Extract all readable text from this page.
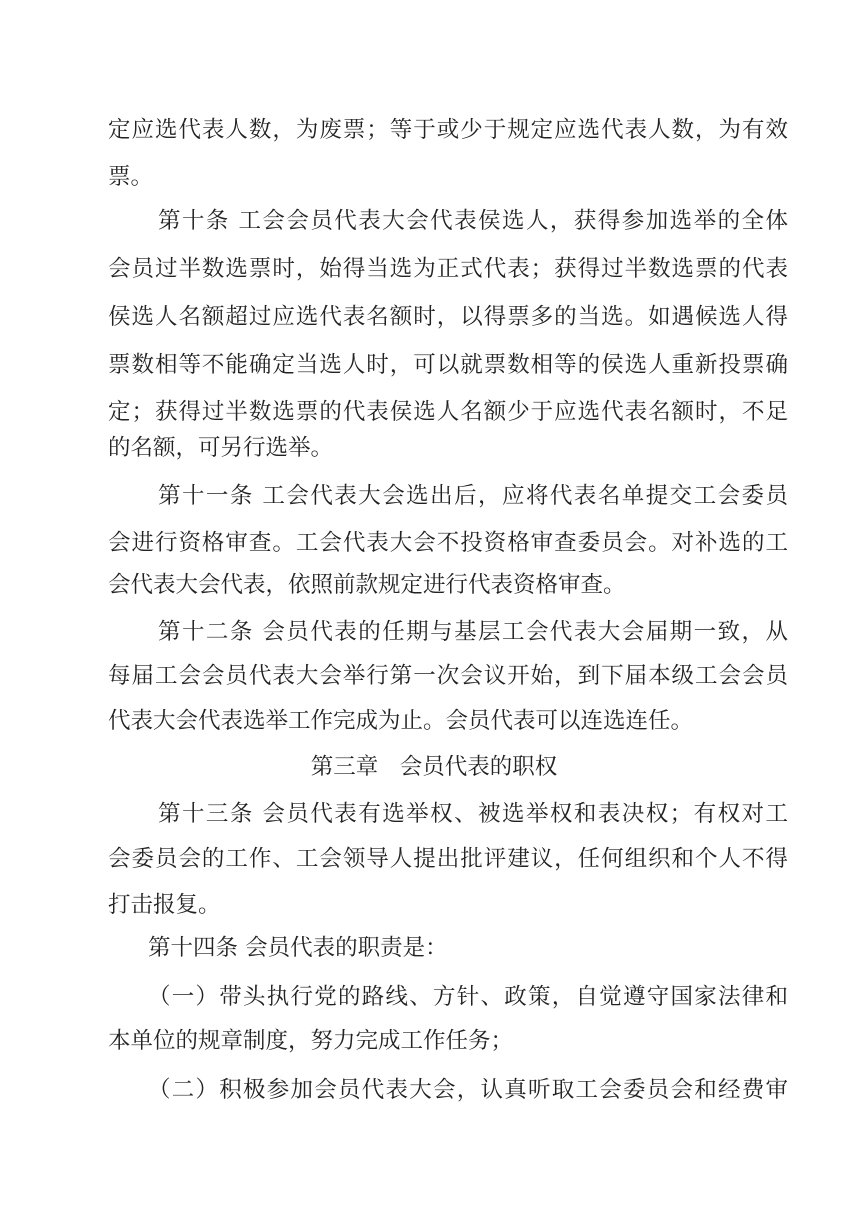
定应选代表人数，为废票；等于或少于规定应选代表人数，为有效
票。
第十条 工会会员代表大会代表侯选人，获得参加选举的全体
会员过半数选票时，始得当选为正式代表；获得过半数选票的代表
侯选人名额超过应选代表名额时，以得票多的当选。如遇候选人得
票数相等不能确定当选人时，可以就票数相等的侯选人重新投票确
定；获得过半数选票的代表侯选人名额少于应选代表名额时，不足
的名额，可另行选举。
第十一条 工会代表大会选出后，应将代表名单提交工会委员
会进行资格审查。工会代表大会不投资格审查委员会。对补选的工
会代表大会代表，依照前款规定进行代表资格审查。
第十二条 会员代表的任期与基层工会代表大会届期一致，从
每届工会会员代表大会举行第一次会议开始，到下届本级工会会员
代表大会代表选举工作完成为止。会员代表可以连选连任。
第三章   会员代表的职权
第十三条 会员代表有选举权、被选举权和表决权；有权对工
会委员会的工作、工会领导人提出批评建议，任何组织和个人不得
打击报复。
第十四条 会员代表的职责是：
（一）带头执行党的路线、方针、政策，自觉遵守国家法律和
本单位的规章制度，努力完成工作任务；
（二）积极参加会员代表大会，认真听取工会委员会和经费审
